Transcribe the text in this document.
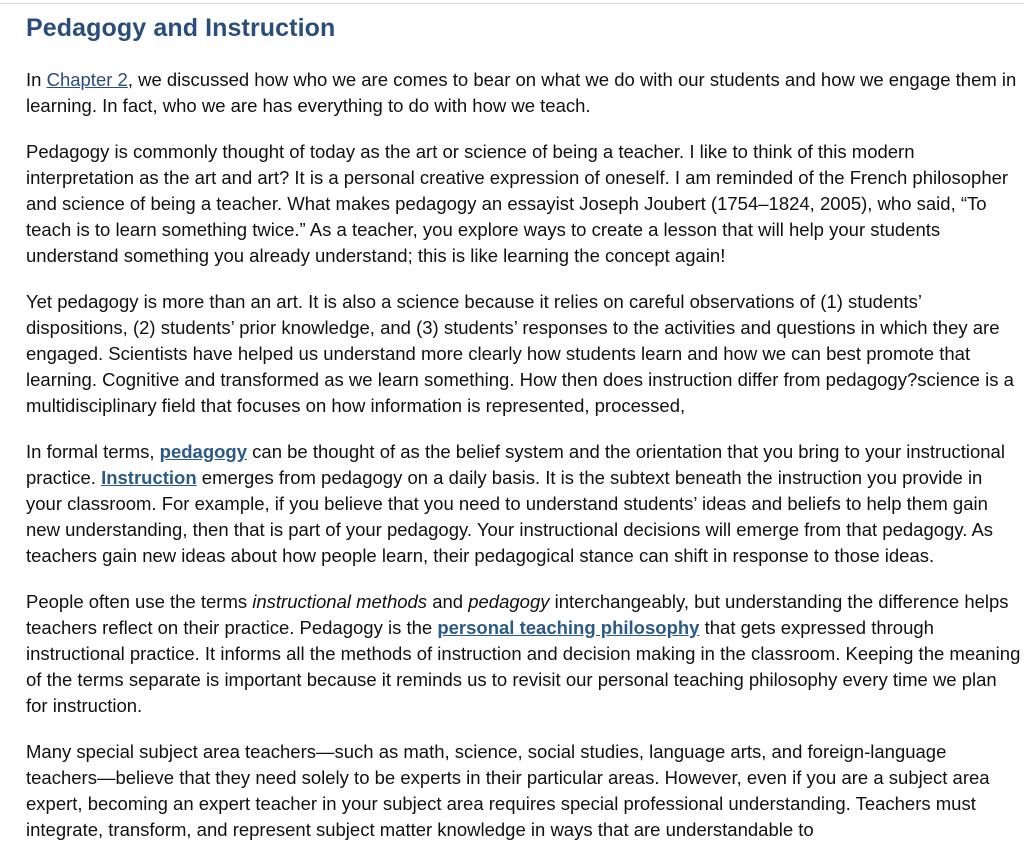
Pedagogy and Instruction

In Chapter 2, we discussed how who we are comes to bear on what we do with our students and how we engage them in learning. In fact, who we are has everything to do with how we teach.

Pedagogy is commonly thought of today as the art or science of being a teacher. I like to think of this modern interpretation as the art and art? It is a personal creative expression of oneself. I am reminded of the French philosopher and science of being a teacher. What makes pedagogy an essayist Joseph Joubert (1754–1824, 2005), who said, “To teach is to learn something twice.” As a teacher, you explore ways to create a lesson that will help your students understand something you already understand; this is like learning the concept again!

Yet pedagogy is more than an art. It is also a science because it relies on careful observations of (1) students’ dispositions, (2) students’ prior knowledge, and (3) students’ responses to the activities and questions in which they are engaged. Scientists have helped us understand more clearly how students learn and how we can best promote that learning. Cognitive and transformed as we learn something. How then does instruction differ from pedagogy?science is a multidisciplinary field that focuses on how information is represented, processed,

In formal terms, pedagogy can be thought of as the belief system and the orientation that you bring to your instructional practice. Instruction emerges from pedagogy on a daily basis. It is the subtext beneath the instruction you provide in your classroom. For example, if you believe that you need to understand students’ ideas and beliefs to help them gain new understanding, then that is part of your pedagogy. Your instructional decisions will emerge from that pedagogy. As teachers gain new ideas about how people learn, their pedagogical stance can shift in response to those ideas.

People often use the terms instructional methods and pedagogy interchangeably, but understanding the difference helps teachers reflect on their practice. Pedagogy is the personal teaching philosophy that gets expressed through instructional practice. It informs all the methods of instruction and decision making in the classroom. Keeping the meaning of the terms separate is important because it reminds us to revisit our personal teaching philosophy every time we plan for instruction.

Many special subject area teachers—such as math, science, social studies, language arts, and foreign-language teachers—believe that they need solely to be experts in their particular areas. However, even if you are a subject area expert, becoming an expert teacher in your subject area requires special professional understanding. Teachers must integrate, transform, and represent subject matter knowledge in ways that are understandable to
